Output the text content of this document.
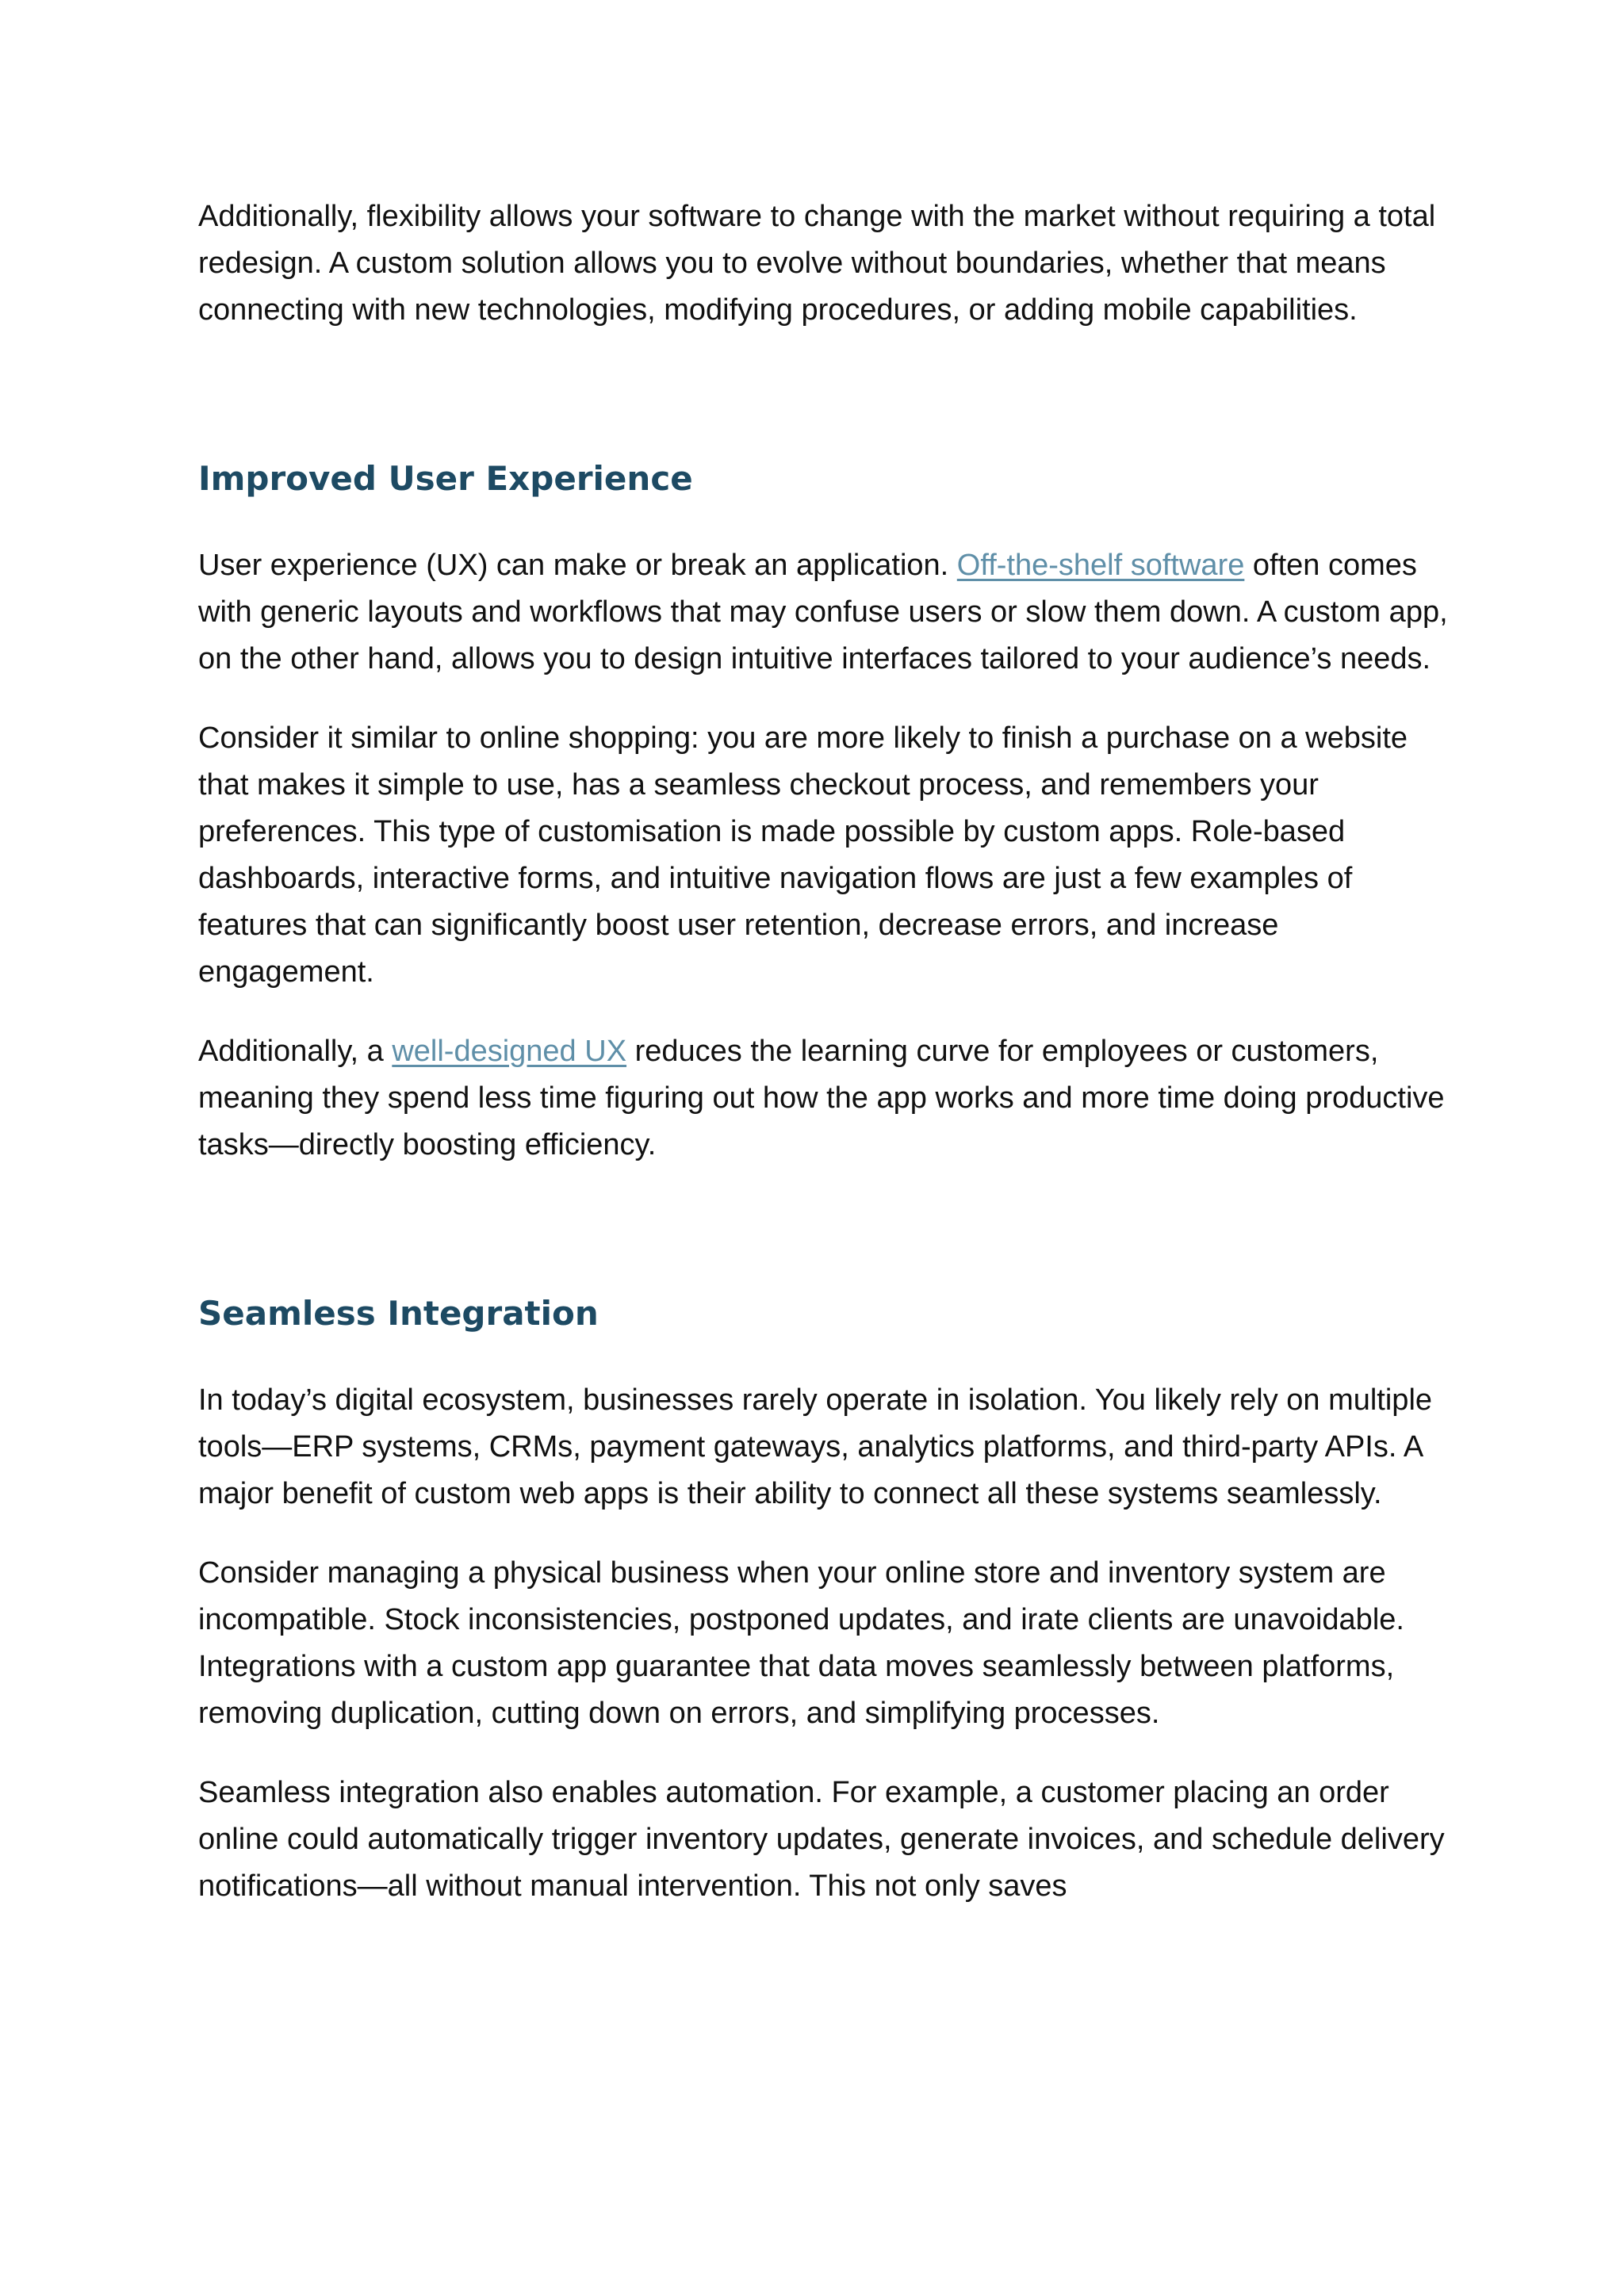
Additionally, flexibility allows your software to change with the market without requiring a total redesign. A custom solution allows you to evolve without boundaries, whether that means connecting with new technologies, modifying procedures, or adding mobile capabilities.

Improved User Experience

User experience (UX) can make or break an application. Off-the-shelf software often comes with generic layouts and workflows that may confuse users or slow them down. A custom app, on the other hand, allows you to design intuitive interfaces tailored to your audience’s needs.

Consider it similar to online shopping: you are more likely to finish a purchase on a website that makes it simple to use, has a seamless checkout process, and remembers your preferences. This type of customisation is made possible by custom apps. Role-based dashboards, interactive forms, and intuitive navigation flows are just a few examples of features that can significantly boost user retention, decrease errors, and increase engagement.

Additionally, a well-designed UX reduces the learning curve for employees or customers, meaning they spend less time figuring out how the app works and more time doing productive tasks—directly boosting efficiency.

Seamless Integration

In today’s digital ecosystem, businesses rarely operate in isolation. You likely rely on multiple tools—ERP systems, CRMs, payment gateways, analytics platforms, and third-party APIs. A major benefit of custom web apps is their ability to connect all these systems seamlessly.

Consider managing a physical business when your online store and inventory system are incompatible. Stock inconsistencies, postponed updates, and irate clients are unavoidable. Integrations with a custom app guarantee that data moves seamlessly between platforms, removing duplication, cutting down on errors, and simplifying processes.

Seamless integration also enables automation. For example, a customer placing an order online could automatically trigger inventory updates, generate invoices, and schedule delivery notifications—all without manual intervention. This not only saves
